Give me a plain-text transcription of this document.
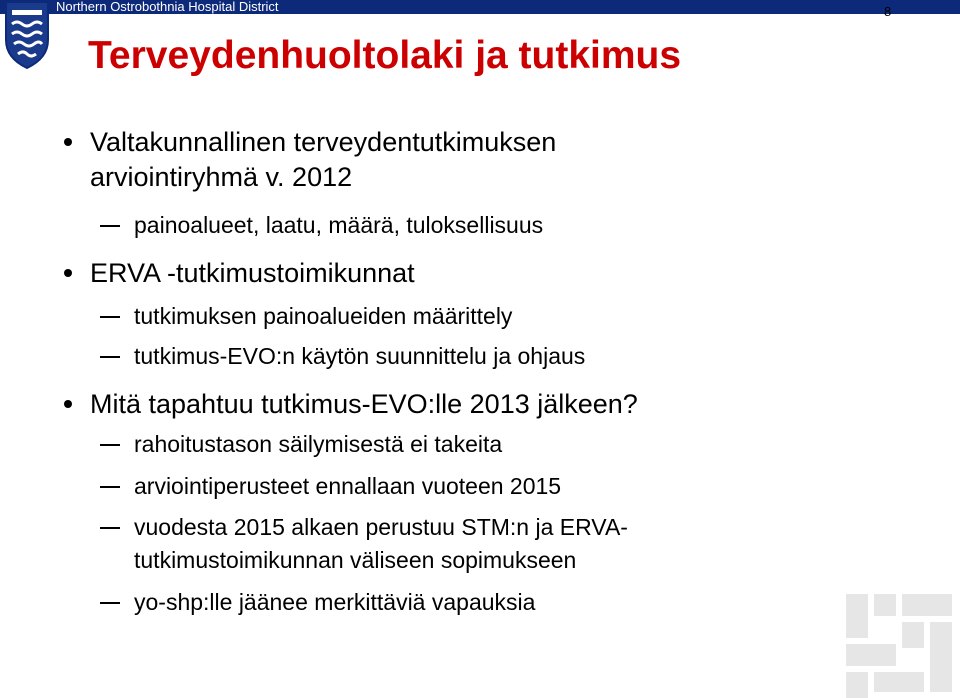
Northern Ostrobothnia Hospital District	8
Terveydenhuoltolaki ja tutkimus
Valtakunnallinen terveydentutkimuksen
arviointiryhmä v. 2012
painoalueet, laatu, määrä, tuloksellisuus
ERVA -tutkimustoimikunnat
tutkimuksen painoalueiden määrittely
tutkimus-EVO:n käytön suunnittelu ja ohjaus
Mitä tapahtuu tutkimus-EVO:lle 2013 jälkeen?
rahoitustason säilymisestä ei takeita
arviointiperusteet ennallaan vuoteen 2015
vuodesta 2015 alkaen perustuu STM:n ja ERVA-
tutkimustoimikunnan väliseen sopimukseen
yo-shp:lle jäänee merkittäviä vapauksia
